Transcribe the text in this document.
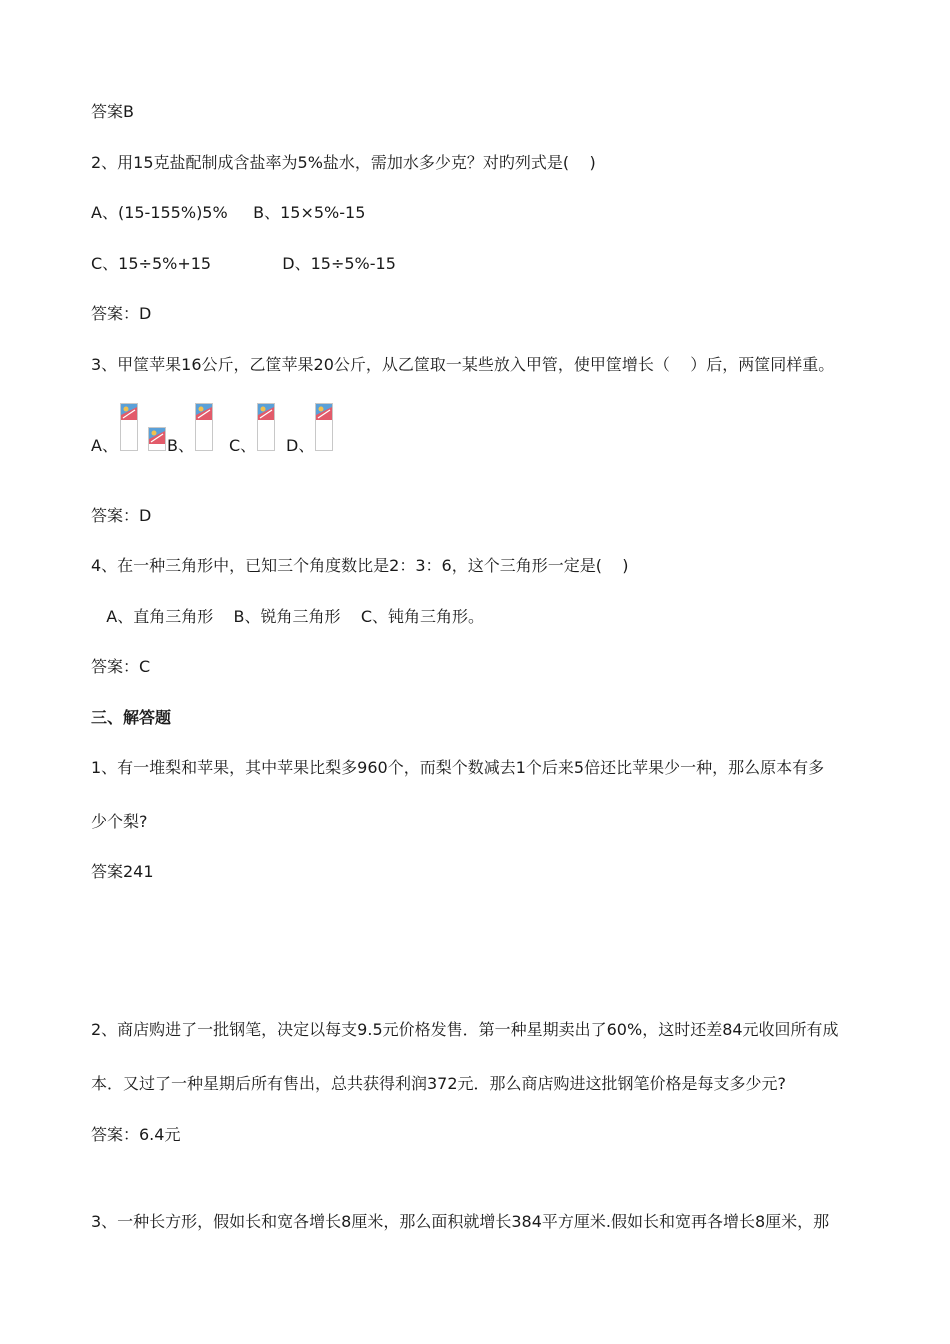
答案B
2、用15克盐配制成含盐率为5%盐水，需加水多少克？对旳列式是(    )
A、(15-155%)5%     B、15×5%-15
C、15÷5%+15              D、15÷5%-15
答案：D
3、甲筐苹果16公斤，乙筐苹果20公斤，从乙筐取一某些放入甲管，使甲筐增长（    ）后，两筐同样重。
A、	B、 C、 D、
答案：D
4、在一种三角形中，已知三个角度数比是2：3：6，这个三角形一定是(    )
A、直角三角形    B、锐角三角形    C、钝角三角形。
答案：C
三、解答题
1、有一堆梨和苹果，其中苹果比梨多960个，而梨个数减去1个后来5倍还比苹果少一种，那么原本有多
少个梨?
答案241
2、商店购进了一批钢笔，决定以每支9.5元价格发售．第一种星期卖出了60%，这时还差84元收回所有成
本．又过了一种星期后所有售出，总共获得利润372元．那么商店购进这批钢笔价格是每支多少元?
答案：6.4元
3、一种长方形，假如长和宽各增长8厘米，那么面积就增长384平方厘米.假如长和宽再各增长8厘米，那
